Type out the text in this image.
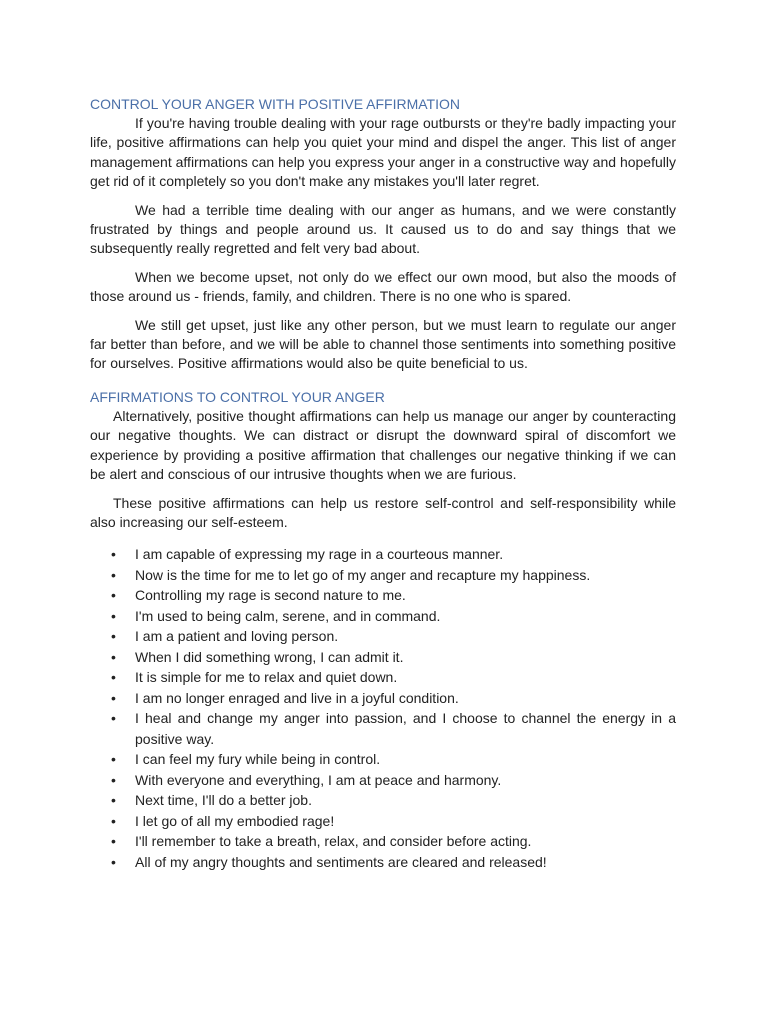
CONTROL YOUR ANGER WITH POSITIVE AFFIRMATION

If you're having trouble dealing with your rage outbursts or they're badly impacting your life, positive affirmations can help you quiet your mind and dispel the anger. This list of anger management affirmations can help you express your anger in a constructive way and hopefully get rid of it completely so you don't make any mistakes you'll later regret.

We had a terrible time dealing with our anger as humans, and we were constantly frustrated by things and people around us. It caused us to do and say things that we subsequently really regretted and felt very bad about.

When we become upset, not only do we effect our own mood, but also the moods of those around us - friends, family, and children. There is no one who is spared.

We still get upset, just like any other person, but we must learn to regulate our anger far better than before, and we will be able to channel those sentiments into something positive for ourselves. Positive affirmations would also be quite beneficial to us.

AFFIRMATIONS TO CONTROL YOUR ANGER

Alternatively, positive thought affirmations can help us manage our anger by counteracting our negative thoughts. We can distract or disrupt the downward spiral of discomfort we experience by providing a positive affirmation that challenges our negative thinking if we can be alert and conscious of our intrusive thoughts when we are furious.

These positive affirmations can help us restore self-control and self-responsibility while also increasing our self-esteem.

• I am capable of expressing my rage in a courteous manner.
• Now is the time for me to let go of my anger and recapture my happiness.
• Controlling my rage is second nature to me.
• I'm used to being calm, serene, and in command.
• I am a patient and loving person.
• When I did something wrong, I can admit it.
• It is simple for me to relax and quiet down.
• I am no longer enraged and live in a joyful condition.
• I heal and change my anger into passion, and I choose to channel the energy in a positive way.
• I can feel my fury while being in control.
• With everyone and everything, I am at peace and harmony.
• Next time, I'll do a better job.
• I let go of all my embodied rage!
• I'll remember to take a breath, relax, and consider before acting.
• All of my angry thoughts and sentiments are cleared and released!
